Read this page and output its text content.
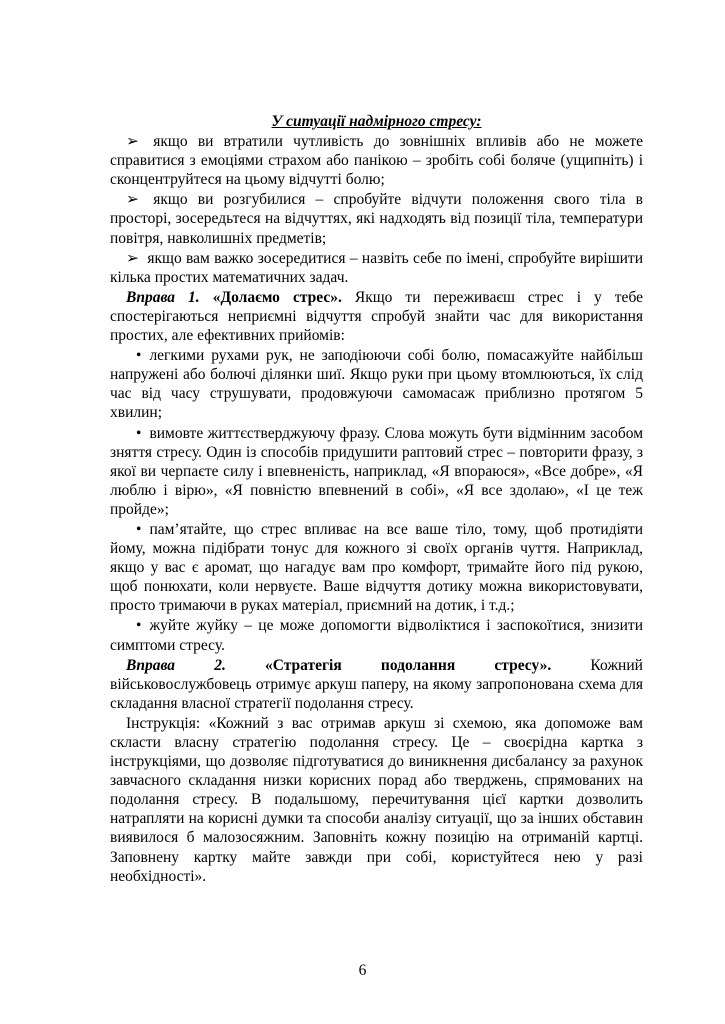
У ситуації надмірного стресу:

➢ якщо ви втратили чутливість до зовнішніх впливів або не можете справитися з емоціями страхом або панікою – зробіть собі боляче (ущипніть) і сконцентруйтеся на цьому відчутті болю;

➢ якщо ви розгубилися – спробуйте відчути положення свого тіла в просторі, зосередьтеся на відчуттях, які надходять від позиції тіла, температури повітря, навколишніх предметів;

➢ якщо вам важко зосередитися – назвіть себе по імені, спробуйте вирішити кілька простих математичних задач.

Вправа 1. «Долаємо стрес». Якщо ти переживаєш стрес і у тебе спостерігаються неприємні відчуття спробуй знайти час для використання простих, але ефективних прийомів:

• легкими рухами рук, не заподіюючи собі болю, помасажуйте найбільш напружені або болючі ділянки шиї. Якщо руки при цьому втомлюються, їх слід час від часу струшувати, продовжуючи самомасаж приблизно протягом 5 хвилин;

• вимовте життєстверджуючу фразу. Слова можуть бути відмінним засобом зняття стресу. Один із способів придушити раптовий стрес – повторити фразу, з якої ви черпаєте силу і впевненість, наприклад, «Я впораюся», «Все добре», «Я люблю і вірю», «Я повністю впевнений в собі», «Я все здолаю», «І це теж пройде»;

• пам’ятайте, що стрес впливає на все ваше тіло, тому, щоб протидіяти йому, можна підібрати тонус для кожного зі своїх органів чуття. Наприклад, якщо у вас є аромат, що нагадує вам про комфорт, тримайте його під рукою, щоб понюхати, коли нервуєте. Ваше відчуття дотику можна використовувати, просто тримаючи в руках матеріал, приємний на дотик, і т.д.;

• жуйте жуйку – це може допомогти відволіктися і заспокоїтися, знизити симптоми стресу.

Вправа	2.	«Стратегія	подолання	стресу».	Кожний

військовослужбовець отримує аркуш паперу, на якому запропонована схема для складання власної стратегії подолання стресу.

Інструкція: «Кожний з вас отримав аркуш зі схемою, яка допоможе вам скласти власну стратегію подолання стресу. Це – своєрідна картка з інструкціями, що дозволяє підготуватися до виникнення дисбалансу за рахунок завчасного складання низки корисних порад або тверджень, спрямованих на подолання стресу. В подальшому, перечитування цієї картки дозволить натрапляти на корисні думки та способи аналізу ситуації, що за інших обставин виявилося б малозосяжним. Заповніть кожну позицію на отриманій картці. Заповнену картку майте завжди при собі, користуйтеся нею у разі необхідності».

6
